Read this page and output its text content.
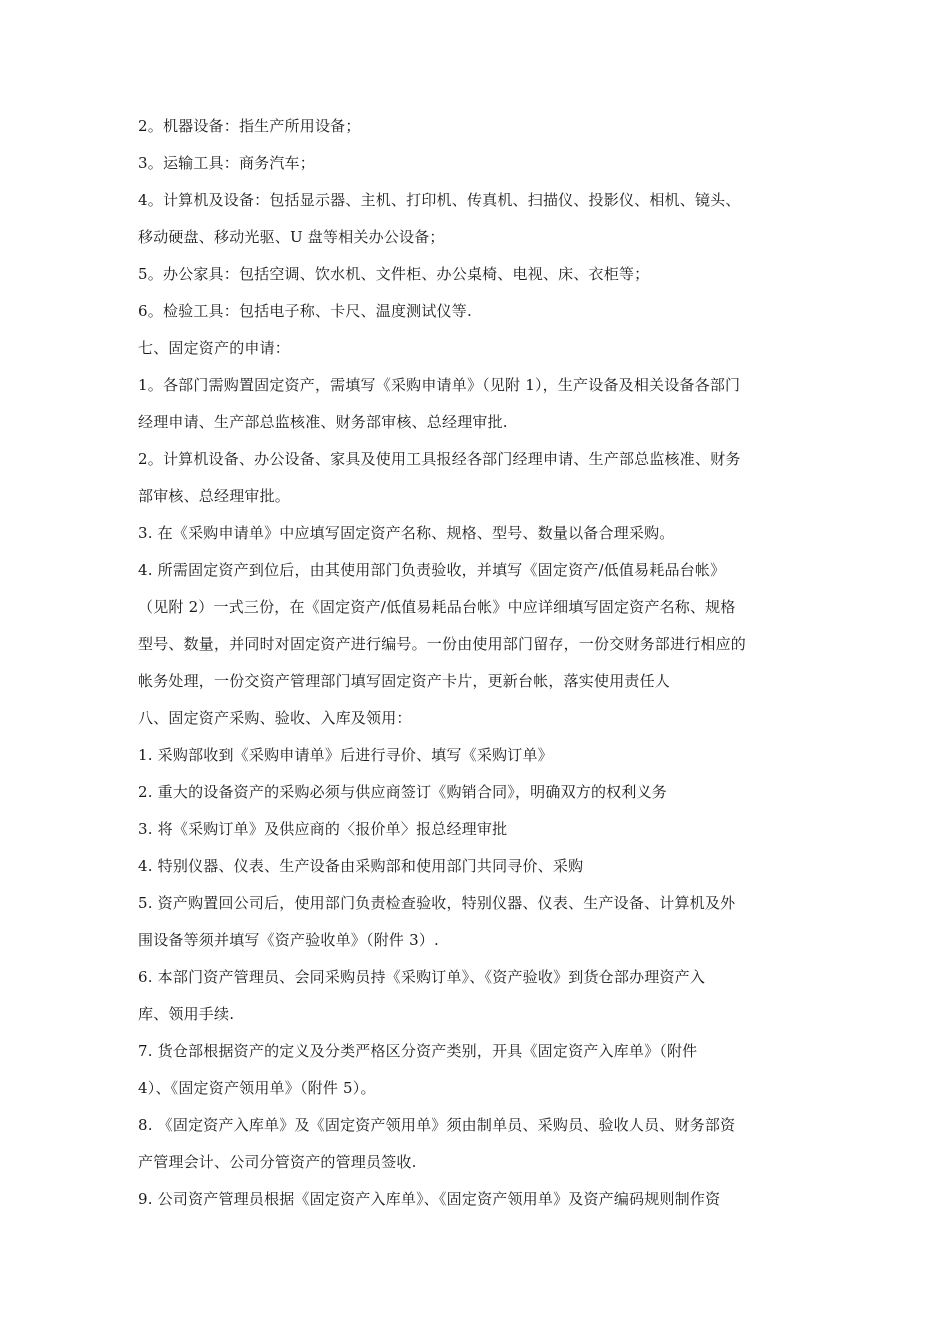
2。机器设备：指生产所用设备；
3。运输工具：商务汽车；
4。计算机及设备：包括显示器、主机、打印机、传真机、扫描仪、投影仪、相机、镜头、
移动硬盘、移动光驱、U 盘等相关办公设备；
5。办公家具：包括空调、饮水机、文件柜、办公桌椅、电视、床、衣柜等；
6。检验工具：包括电子称、卡尺、温度测试仪等.
七、固定资产的申请：
1。各部门需购置固定资产，需填写《采购申请单》（见附 1），生产设备及相关设备各部门
经理申请、生产部总监核准、财务部审核、总经理审批.
2。计算机设备、办公设备、家具及使用工具报经各部门经理申请、生产部总监核准、财务
部审核、总经理审批。
3. 在《采购申请单》中应填写固定资产名称、规格、型号、数量以备合理采购。
4. 所需固定资产到位后，由其使用部门负责验收，并填写《固定资产/低值易耗品台帐》
（见附 2）一式三份，在《固定资产/低值易耗品台帐》中应详细填写固定资产名称、规格
型号、数量，并同时对固定资产进行编号。一份由使用部门留存，一份交财务部进行相应的
帐务处理，一份交资产管理部门填写固定资产卡片，更新台帐，落实使用责任人
八、固定资产采购、验收、入库及领用：
1. 采购部收到《采购申请单》后进行寻价、填写《采购订单》
2. 重大的设备资产的采购必须与供应商签订《购销合同》，明确双方的权利义务
3. 将《采购订单》及供应商的〈报价单〉报总经理审批
4. 特别仪器、仪表、生产设备由采购部和使用部门共同寻价、采购
5. 资产购置回公司后，使用部门负责检查验收，特别仪器、仪表、生产设备、计算机及外
围设备等须并填写《资产验收单》（附件 3）.
6. 本部门资产管理员、会同采购员持《采购订单》、《资产验收》到货仓部办理资产入
库、领用手续.
7. 货仓部根据资产的定义及分类严格区分资产类别，开具《固定资产入库单》（附件
4）、《固定资产领用单》（附件 5）。
8. 《固定资产入库单》及《固定资产领用单》须由制单员、采购员、验收人员、财务部资
产管理会计、公司分管资产的管理员签收.
9. 公司资产管理员根据《固定资产入库单》、《固定资产领用单》及资产编码规则制作资
